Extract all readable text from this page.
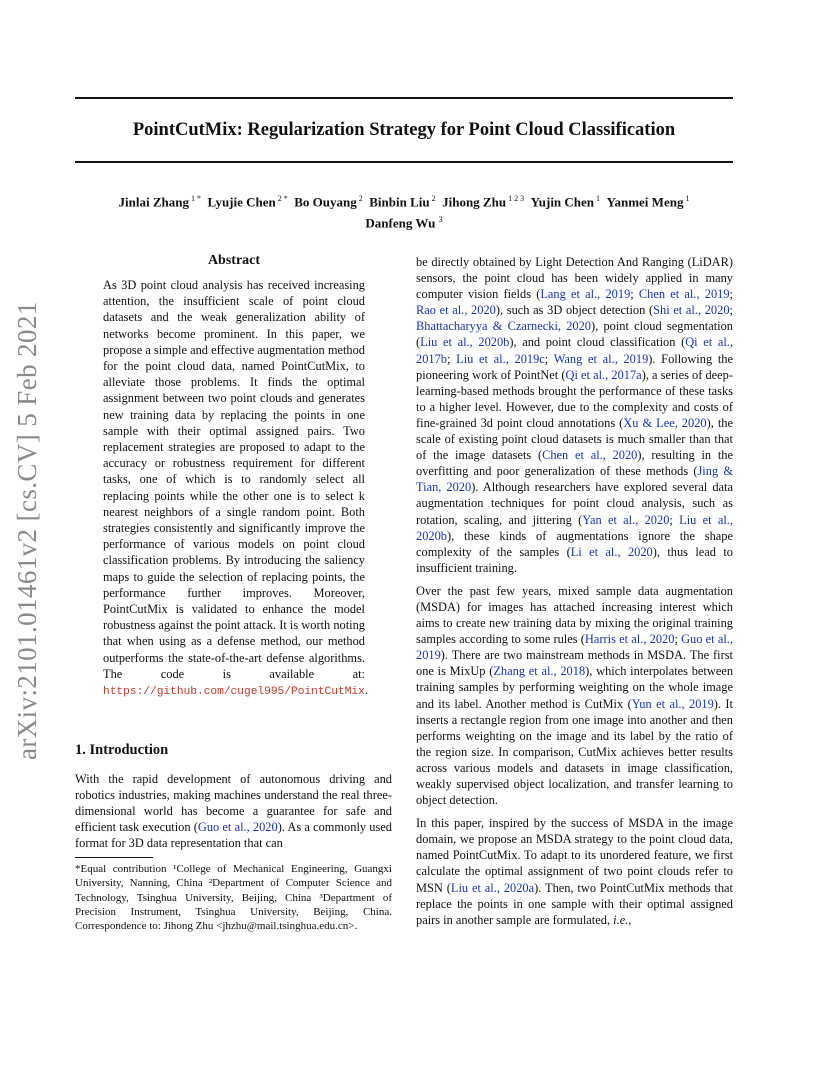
PointCutMix: Regularization Strategy for Point Cloud Classification
Jinlai Zhang $^{1 *}$  Lyujie Chen $^{2 *}$  Bo Ouyang $^2$  Binbin Liu $^2$  Jihong Zhu $^{1 2 3}$  Yujin Chen $^1$  Yanmei Meng $^1$
Danfeng Wu $^3$
arXiv:2101.01461v2 [cs.CV] 5 Feb 2021
Abstract
As 3D point cloud analysis has received increasing attention, the insufficient scale of point cloud datasets and the weak generalization ability of networks become prominent. In this paper, we propose a simple and effective augmentation method for the point cloud data, named PointCutMix, to alleviate those problems. It finds the optimal assignment between two point clouds and generates new training data by replacing the points in one sample with their optimal assigned pairs. Two replacement strategies are proposed to adapt to the accuracy or robustness requirement for different tasks, one of which is to randomly select all replacing points while the other one is to select k nearest neighbors of a single random point. Both strategies consistently and significantly improve the performance of various models on point cloud classification problems. By introducing the saliency maps to guide the selection of replacing points, the performance further improves. Moreover, PointCutMix is validated to enhance the model robustness against the point attack. It is worth noting that when using as a defense method, our method outperforms the state-of-the-art defense algorithms. The code is available at: https://github.com/cugel995/PointCutMix.
1. Introduction

With the rapid development of autonomous driving and robotics industries, making machines understand the real three-dimensional world has become a guarantee for safe and efficient task execution (Guo et al., 2020). As a commonly used format for 3D data representation that can

*Equal contribution ¹College of Mechanical Engineering, Guangxi University, Nanning, China ²Department of Computer Science and Technology, Tsinghua University, Beijing, China ³Department of Precision Instrument, Tsinghua University, Beijing, China. Correspondence to: Jihong Zhu <jhzhu@mail.tsinghua.edu.cn>.

be directly obtained by Light Detection And Ranging (LiDAR) sensors, the point cloud has been widely applied in many computer vision fields (Lang et al., 2019; Chen et al., 2019; Rao et al., 2020), such as 3D object detection (Shi et al., 2020; Bhattacharyya & Czarnecki, 2020), point cloud segmentation (Liu et al., 2020b), and point cloud classification (Qi et al., 2017b; Liu et al., 2019c; Wang et al., 2019). Following the pioneering work of PointNet (Qi et al., 2017a), a series of deep-learning-based methods brought the performance of these tasks to a higher level. However, due to the complexity and costs of fine-grained 3d point cloud annotations (Xu & Lee, 2020), the scale of existing point cloud datasets is much smaller than that of the image datasets (Chen et al., 2020), resulting in the overfitting and poor generalization of these methods (Jing & Tian, 2020). Although researchers have explored several data augmentation techniques for point cloud analysis, such as rotation, scaling, and jittering (Yan et al., 2020; Liu et al., 2020b), these kinds of augmentations ignore the shape complexity of the samples (Li et al., 2020), thus lead to insufficient training.

Over the past few years, mixed sample data augmentation (MSDA) for images has attached increasing interest which aims to create new training data by mixing the original training samples according to some rules (Harris et al., 2020; Guo et al., 2019). There are two mainstream methods in MSDA. The first one is MixUp (Zhang et al., 2018), which interpolates between training samples by performing weighting on the whole image and its label. Another method is CutMix (Yun et al., 2019). It inserts a rectangle region from one image into another and then performs weighting on the image and its label by the ratio of the region size. In comparison, CutMix achieves better results across various models and datasets in image classification, weakly supervised object localization, and transfer learning to object detection.

In this paper, inspired by the success of MSDA in the image domain, we propose an MSDA strategy to the point cloud data, named PointCutMix. To adapt to its unordered feature, we first calculate the optimal assignment of two point clouds refer to MSN (Liu et al., 2020a). Then, two PointCutMix methods that replace the points in one sample with their optimal assigned pairs in another sample are formulated, i.e.,
